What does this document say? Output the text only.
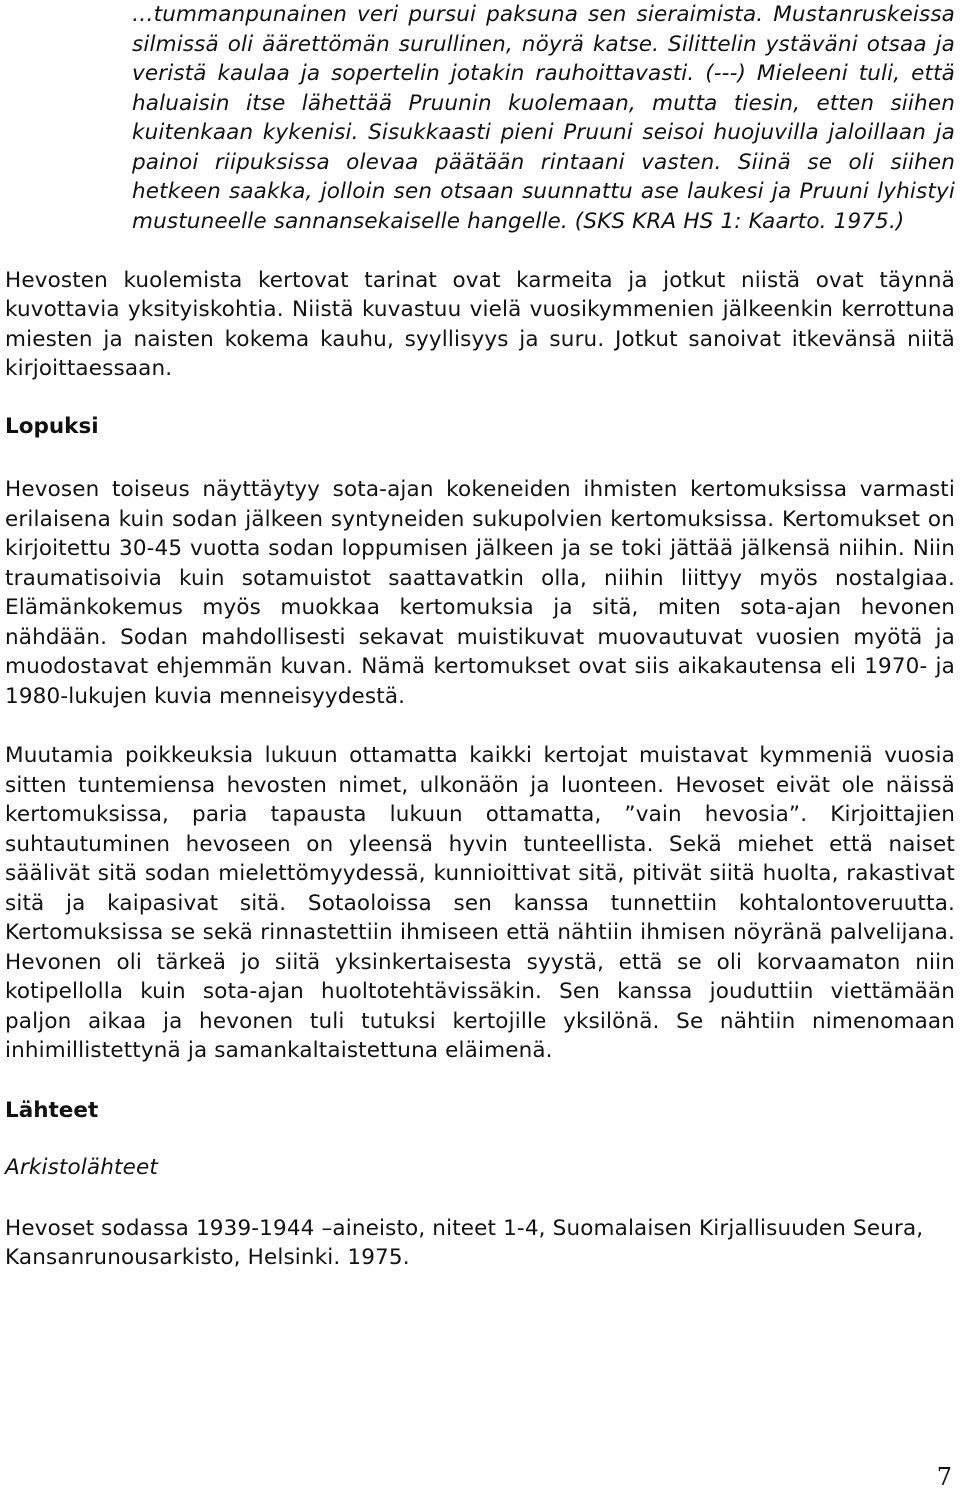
…tummanpunainen veri pursui paksuna sen sieraimista. Mustanruskeissa silmissä oli äärettömän surullinen, nöyrä katse. Silittelin ystäväni otsaa ja veristä kaulaa ja sopertelin jotakin rauhoittavasti. (---) Mieleeni tuli, että haluaisin itse lähettää Pruunin kuolemaan, mutta tiesin, etten siihen kuitenkaan kykenisi. Sisukkaasti pieni Pruuni seisoi huojuvilla jaloillaan ja painoi riipuksissa olevaa päätään rintaani vasten. Siinä se oli siihen hetkeen saakka, jolloin sen otsaan suunnattu ase laukesi ja Pruuni lyhistyi mustuneelle sannansekaiselle hangelle. (SKS KRA HS 1: Kaarto. 1975.)

Hevosten kuolemista kertovat tarinat ovat karmeita ja jotkut niistä ovat täynnä kuvottavia yksityiskohtia. Niistä kuvastuu vielä vuosikymmenien jälkeenkin kerrottuna miesten ja naisten kokema kauhu, syyllisyys ja suru. Jotkut sanoivat itkevänsä niitä kirjoittaessaan.

Lopuksi

Hevosen toiseus näyttäytyy sota-ajan kokeneiden ihmisten kertomuksissa varmasti erilaisena kuin sodan jälkeen syntyneiden sukupolvien kertomuksissa. Kertomukset on kirjoitettu 30-45 vuotta sodan loppumisen jälkeen ja se toki jättää jälkensä niihin. Niin traumatisoivia kuin sotamuistot saattavatkin olla, niihin liittyy myös nostalgiaa. Elämänkokemus myös muokkaa kertomuksia ja sitä, miten sota-ajan hevonen nähdään. Sodan mahdollisesti sekavat muistikuvat muovautuvat vuosien myötä ja muodostavat ehjemmän kuvan. Nämä kertomukset ovat siis aikakautensa eli 1970- ja 1980-lukujen kuvia menneisyydestä.

Muutamia poikkeuksia lukuun ottamatta kaikki kertojat muistavat kymmeniä vuosia sitten tuntemiensa hevosten nimet, ulkonäön ja luonteen. Hevoset eivät ole näissä kertomuksissa, paria tapausta lukuun ottamatta, ”vain hevosia”. Kirjoittajien suhtautuminen hevoseen on yleensä hyvin tunteellista. Sekä miehet että naiset säälivät sitä sodan mielettömyydessä, kunnioittivat sitä, pitivät siitä huolta, rakastivat sitä ja kaipasivat sitä. Sotaoloissa sen kanssa tunnettiin kohtalontoveruutta. Kertomuksissa se sekä rinnastettiin ihmiseen että nähtiin ihmisen nöyränä palvelijana. Hevonen oli tärkeä jo siitä yksinkertaisesta syystä, että se oli korvaamaton niin kotipellolla kuin sota-ajan huoltotehtävissäkin. Sen kanssa jouduttiin viettämään paljon aikaa ja hevonen tuli tutuksi kertojille yksilönä. Se nähtiin nimenomaan inhimillistettynä ja samankaltaistettuna eläimenä.

Lähteet

Arkistolähteet

Hevoset sodassa 1939-1944 –aineisto, niteet 1-4, Suomalaisen Kirjallisuuden Seura, Kansanrunousarkisto, Helsinki. 1975.

7
